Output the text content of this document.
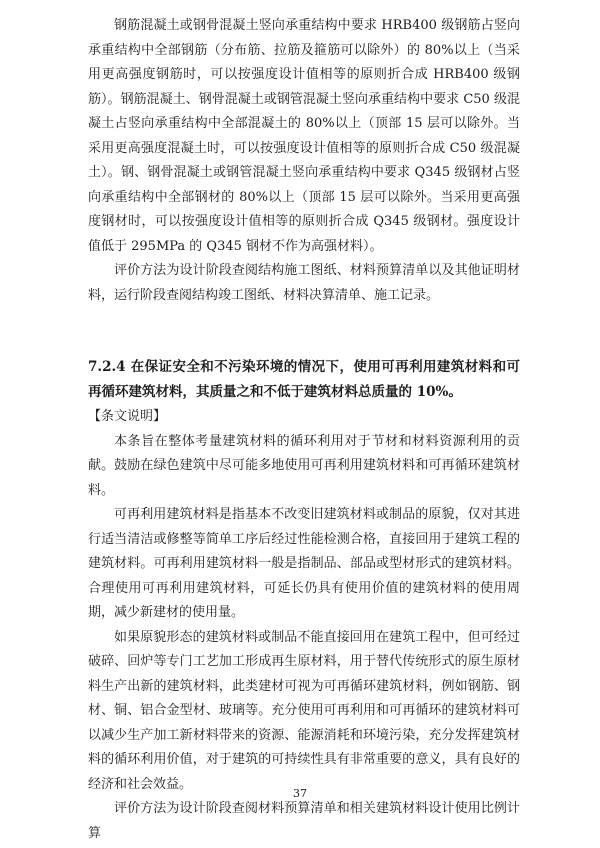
钢筋混凝土或钢骨混凝土竖向承重结构中要求 HRB400 级钢筋占竖向承重结构中全部钢筋（分布筋、拉筋及箍筋可以除外）的 80%以上（当采用更高强度钢筋时，可以按强度设计值相等的原则折合成 HRB400 级钢筋）。钢筋混凝土、钢骨混凝土或钢管混凝土竖向承重结构中要求 C50 级混凝土占竖向承重结构中全部混凝土的 80%以上（顶部 15 层可以除外。当采用更高强度混凝土时，可以按强度设计值相等的原则折合成 C50 级混凝土）。钢、钢骨混凝土或钢管混凝土竖向承重结构中要求 Q345 级钢材占竖向承重结构中全部钢材的 80%以上（顶部 15 层可以除外。当采用更高强度钢材时，可以按强度设计值相等的原则折合成 Q345 级钢材。强度设计值低于 295MPa 的 Q345 钢材不作为高强材料）。

评价方法为设计阶段查阅结构施工图纸、材料预算清单以及其他证明材料，运行阶段查阅结构竣工图纸、材料决算清单、施工记录。

7.2.4 在保证安全和不污染环境的情况下，使用可再利用建筑材料和可再循环建筑材料，其质量之和不低于建筑材料总质量的 10%。

【条文说明】

本条旨在整体考量建筑材料的循环利用对于节材和材料资源利用的贡献。鼓励在绿色建筑中尽可能多地使用可再利用建筑材料和可再循环建筑材料。

可再利用建筑材料是指基本不改变旧建筑材料或制品的原貌，仅对其进行适当清洁或修整等简单工序后经过性能检测合格，直接回用于建筑工程的建筑材料。可再利用建筑材料一般是指制品、部品或型材形式的建筑材料。合理使用可再利用建筑材料，可延长仍具有使用价值的建筑材料的使用周期，减少新建材的使用量。

如果原貌形态的建筑材料或制品不能直接回用在建筑工程中，但可经过破碎、回炉等专门工艺加工形成再生原材料，用于替代传统形式的原生原材料生产出新的建筑材料，此类建材可视为可再循环建筑材料，例如钢筋、钢材、铜、铝合金型材、玻璃等。充分使用可再利用和可再循环的建筑材料可以减少生产加工新材料带来的资源、能源消耗和环境污染，充分发挥建筑材料的循环利用价值，对于建筑的可持续性具有非常重要的意义，具有良好的经济和社会效益。

评价方法为设计阶段查阅材料预算清单和相关建筑材料设计使用比例计算

37
